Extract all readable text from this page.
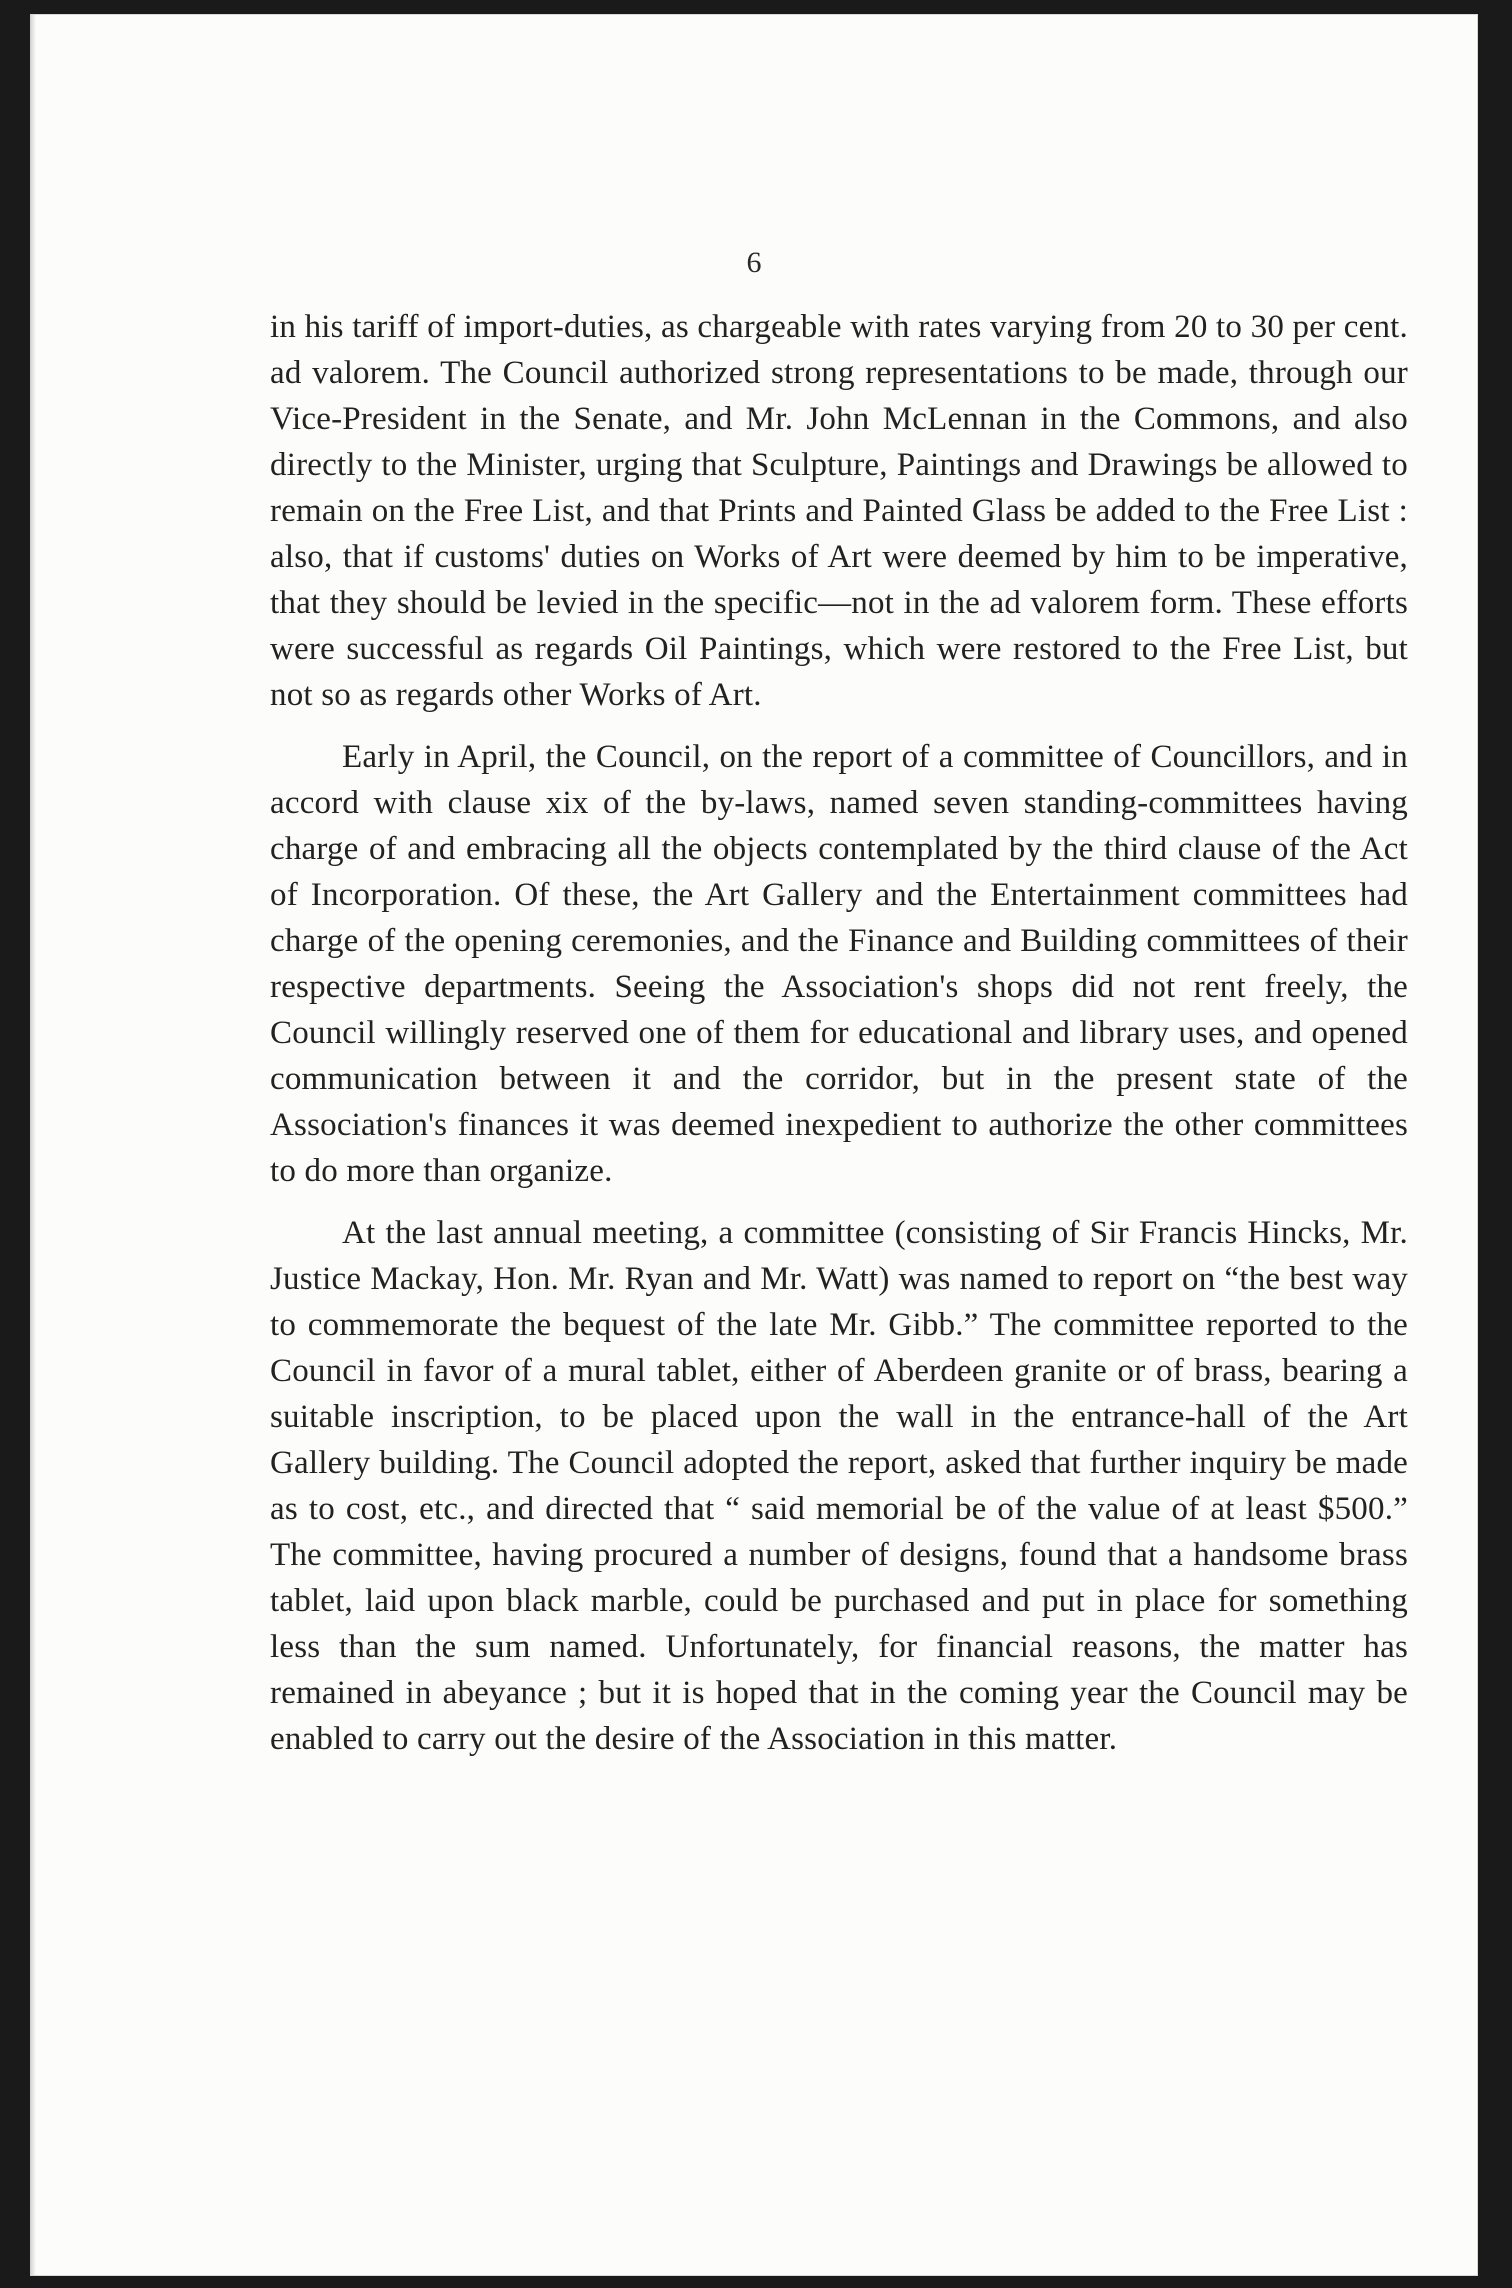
6

in his tariff of import-duties, as chargeable with rates varying from 20 to 30 per cent. ad valorem. The Council authorized strong representations to be made, through our Vice-President in the Senate, and Mr. John McLennan in the Commons, and also directly to the Minister, urging that Sculpture, Paintings and Drawings be allowed to remain on the Free List, and that Prints and Painted Glass be added to the Free List : also, that if customs' duties on Works of Art were deemed by him to be imperative, that they should be levied in the specific—not in the ad valorem form. These efforts were successful as regards Oil Paintings, which were restored to the Free List, but not so as regards other Works of Art.

Early in April, the Council, on the report of a committee of Councillors, and in accord with clause xix of the by-laws, named seven standing-committees having charge of and embracing all the objects contemplated by the third clause of the Act of Incorporation. Of these, the Art Gallery and the Entertainment committees had charge of the opening ceremonies, and the Finance and Building committees of their respective departments. Seeing the Association's shops did not rent freely, the Council willingly reserved one of them for educational and library uses, and opened communication between it and the corridor, but in the present state of the Association's finances it was deemed inexpedient to authorize the other committees to do more than organize.

At the last annual meeting, a committee (consisting of Sir Francis Hincks, Mr. Justice Mackay, Hon. Mr. Ryan and Mr. Watt) was named to report on “the best way to commemorate the bequest of the late Mr. Gibb.” The committee reported to the Council in favor of a mural tablet, either of Aberdeen granite or of brass, bearing a suitable inscription, to be placed upon the wall in the entrance-hall of the Art Gallery building. The Council adopted the report, asked that further inquiry be made as to cost, etc., and directed that “ said memorial be of the value of at least $500.” The committee, having procured a number of designs, found that a handsome brass tablet, laid upon black marble, could be purchased and put in place for something less than the sum named. Unfortunately, for financial reasons, the matter has remained in abeyance ; but it is hoped that in the coming year the Council may be enabled to carry out the desire of the Association in this matter.
